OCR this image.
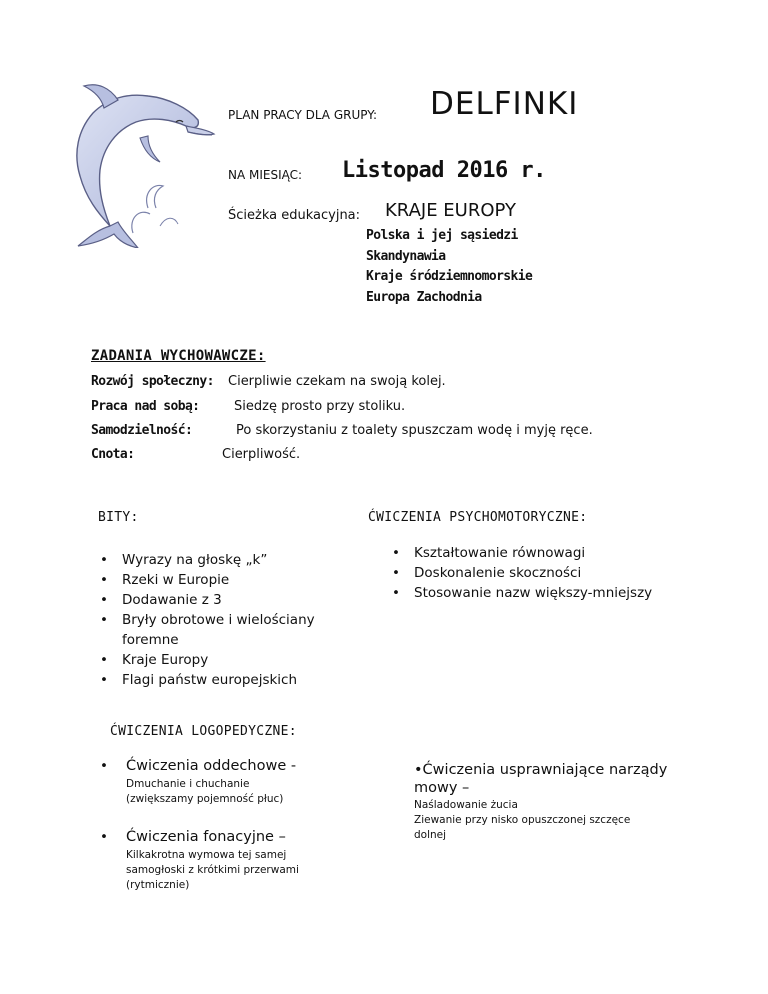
PLAN PRACY DLA GRUPY: DELFINKI
NA MIESIĄC: Listopad 2016 r.
Ścieżka edukacyjna: KRAJE EUROPY
Polska i jej sąsiedzi
Skandynawia
Kraje śródziemnomorskie
Europa Zachodnia
ZADANIA WYCHOWAWCZE:
Rozwój społeczny: Cierpliwie czekam na swoją kolej.
Praca nad sobą:	Siedzę prosto przy stoliku.
Samodzielność:	Po skorzystaniu z toalety spuszczam wodę i myję ręce.
Cnota:	Cierpliwość.
BITY:
• Wyrazy na głoskę „k”
• Rzeki w Europie
• Dodawanie z 3
• Bryły obrotowe i wielościany foremne
• Kraje Europy
• Flagi państw europejskich
ĆWICZENIA PSYCHOMOTORYCZNE:
• Kształtowanie równowagi
• Doskonalenie skoczności
• Stosowanie nazw większy-mniejszy
ĆWICZENIA LOGOPEDYCZNE:
• Ćwiczenia oddechowe -
Dmuchanie i chuchanie
(zwiększamy pojemność płuc)
• Ćwiczenia fonacyjne –
Kilkakrotna wymowa tej samej
samogłoski z krótkimi przerwami
(rytmicznie)
•Ćwiczenia usprawniające narządy
mowy –
Naśladowanie żucia
Ziewanie przy nisko opuszczonej szczęce
dolnej
